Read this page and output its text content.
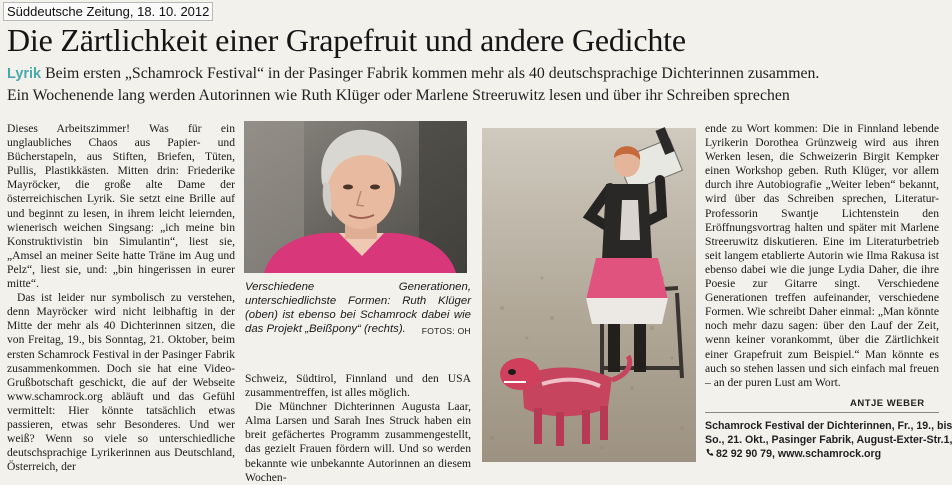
Süddeutsche Zeitung, 18. 10. 2012
Die Zärtlichkeit einer Grapefruit und andere Gedichte
Lyrik Beim ersten „Schamrock Festival“ in der Pasinger Fabrik kommen mehr als 40 deutschsprachige Dichterinnen zusammen.
Ein Wochenende lang werden Autorinnen wie Ruth Klüger oder Marlene Streeruwitz lesen und über ihr Schreiben sprechen

Dieses Arbeitszimmer! Was für ein unglaubliches Chaos aus Papier- und Bücherstapeln, aus Stiften, Briefen, Tüten, Pullis, Plastikkästen. Mitten drin: Friederike Mayröcker, die große alte Dame der österreichischen Lyrik. Sie setzt eine Brille auf und beginnt zu lesen, in ihrem leicht leiernden, wienerisch weichen Singsang: „ich meine bin Konstruktivistin bin Simulantin“, liest sie, „Amsel an meiner Seite hatte Träne im Aug und Pelz“, liest sie, und: „bin hingerissen in eurer mitte“.

Das ist leider nur symbolisch zu verstehen, denn Mayröcker wird nicht leibhaftig in der Mitte der mehr als 40 Dichterinnen sitzen, die von Freitag, 19., bis Sonntag, 21. Oktober, beim ersten Schamrock Festival in der Pasinger Fabrik zusammenkommen. Doch sie hat eine Video-Grußbotschaft geschickt, die auf der Webseite www.schamrock.org abläuft und das Gefühl vermittelt: Hier könnte tatsächlich etwas passieren, etwas sehr Besonderes. Und wer weiß? Wenn so viele so unterschiedliche deutschsprachige Lyrikerinnen aus Deutschland, Österreich, der

Verschiedene Generationen, unterschiedlichste Formen: Ruth Klüger (oben) ist ebenso bei Schamrock dabei wie das Projekt „Beißpony“ (rechts). FOTOS: OH

Schweiz, Südtirol, Finnland und den USA zusammentreffen, ist alles möglich.

Die Münchner Dichterinnen Augusta Laar, Alma Larsen und Sarah Ines Struck haben ein breit gefächertes Programm zusammengestellt, das gezielt Frauen fördern will. Und so werden bekannte wie unbekannte Autorinnen an diesem Wochen-

ende zu Wort kommen: Die in Finnland lebende Lyrikerin Dorothea Grünzweig wird aus ihren Werken lesen, die Schweizerin Birgit Kempker einen Workshop geben. Ruth Klüger, vor allem durch ihre Autobiografie „Weiter leben“ bekannt, wird über das Schreiben sprechen, Literatur-Professorin Swantje Lichtenstein den Eröffnungsvortrag halten und später mit Marlene Streeruwitz diskutieren. Eine im Literaturbetrieb seit langem etablierte Autorin wie Ilma Rakusa ist ebenso dabei wie die junge Lydia Daher, die ihre Poesie zur Gitarre singt. Verschiedene Generationen treffen aufeinander, verschiedene Formen. Wie schreibt Daher einmal: „Man könnte noch mehr dazu sagen: über den Lauf der Zeit, wenn keiner vorankommt, über die Zärtlichkeit einer Grapefruit zum Beispiel.“ Man könnte es auch so stehen lassen und sich einfach mal freuen – an der puren Lust am Wort.

ANTJE WEBER
Schamrock Festival der Dichterinnen, Fr., 19., bis
So., 21. Okt., Pasinger Fabrik, August-Exter-Str.1,
82 92 90 79, www.schamrock.org
